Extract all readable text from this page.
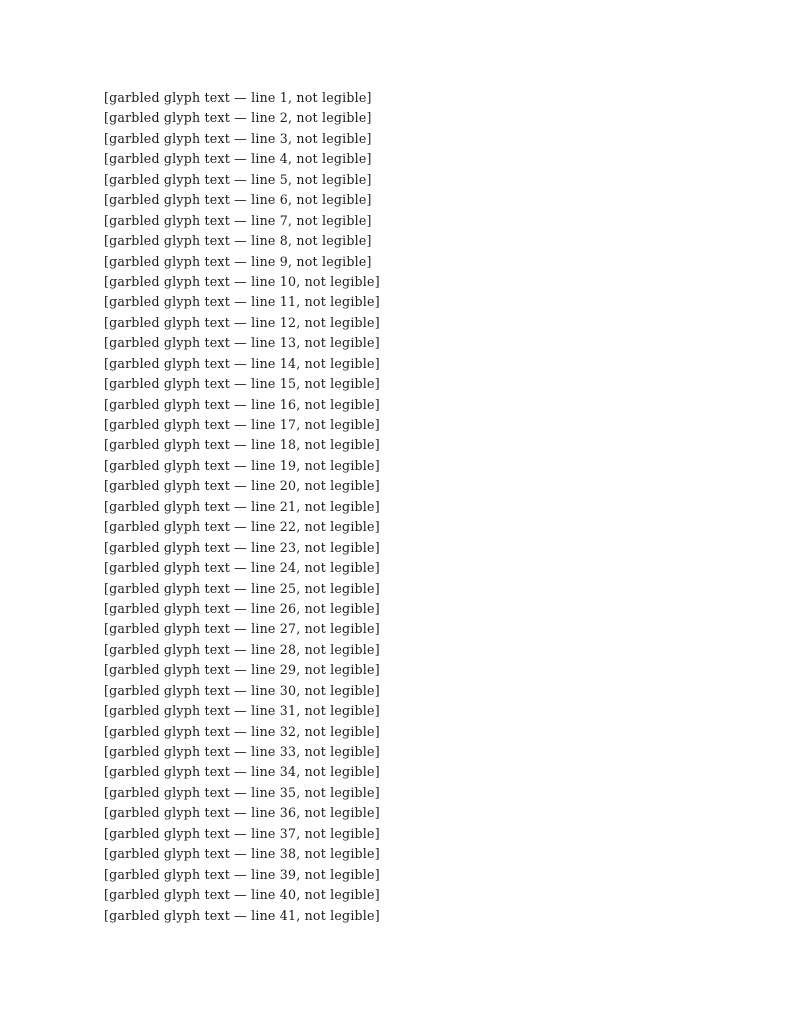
[garbled glyph text — line 1, not legible]
[garbled glyph text — line 2, not legible]
[garbled glyph text — line 3, not legible]
[garbled glyph text — line 4, not legible]
[garbled glyph text — line 5, not legible]
[garbled glyph text — line 6, not legible]
[garbled glyph text — line 7, not legible]
[garbled glyph text — line 8, not legible]
[garbled glyph text — line 9, not legible]
[garbled glyph text — line 10, not legible]
[garbled glyph text — line 11, not legible]
[garbled glyph text — line 12, not legible]
[garbled glyph text — line 13, not legible]
[garbled glyph text — line 14, not legible]
[garbled glyph text — line 15, not legible]
[garbled glyph text — line 16, not legible]
[garbled glyph text — line 17, not legible]
[garbled glyph text — line 18, not legible]
[garbled glyph text — line 19, not legible]
[garbled glyph text — line 20, not legible]
[garbled glyph text — line 21, not legible]
[garbled glyph text — line 22, not legible]
[garbled glyph text — line 23, not legible]
[garbled glyph text — line 24, not legible]
[garbled glyph text — line 25, not legible]
[garbled glyph text — line 26, not legible]
[garbled glyph text — line 27, not legible]
[garbled glyph text — line 28, not legible]
[garbled glyph text — line 29, not legible]
[garbled glyph text — line 30, not legible]
[garbled glyph text — line 31, not legible]
[garbled glyph text — line 32, not legible]
[garbled glyph text — line 33, not legible]
[garbled glyph text — line 34, not legible]
[garbled glyph text — line 35, not legible]
[garbled glyph text — line 36, not legible]
[garbled glyph text — line 37, not legible]
[garbled glyph text — line 38, not legible]
[garbled glyph text — line 39, not legible]
[garbled glyph text — line 40, not legible]
[garbled glyph text — line 41, not legible]
